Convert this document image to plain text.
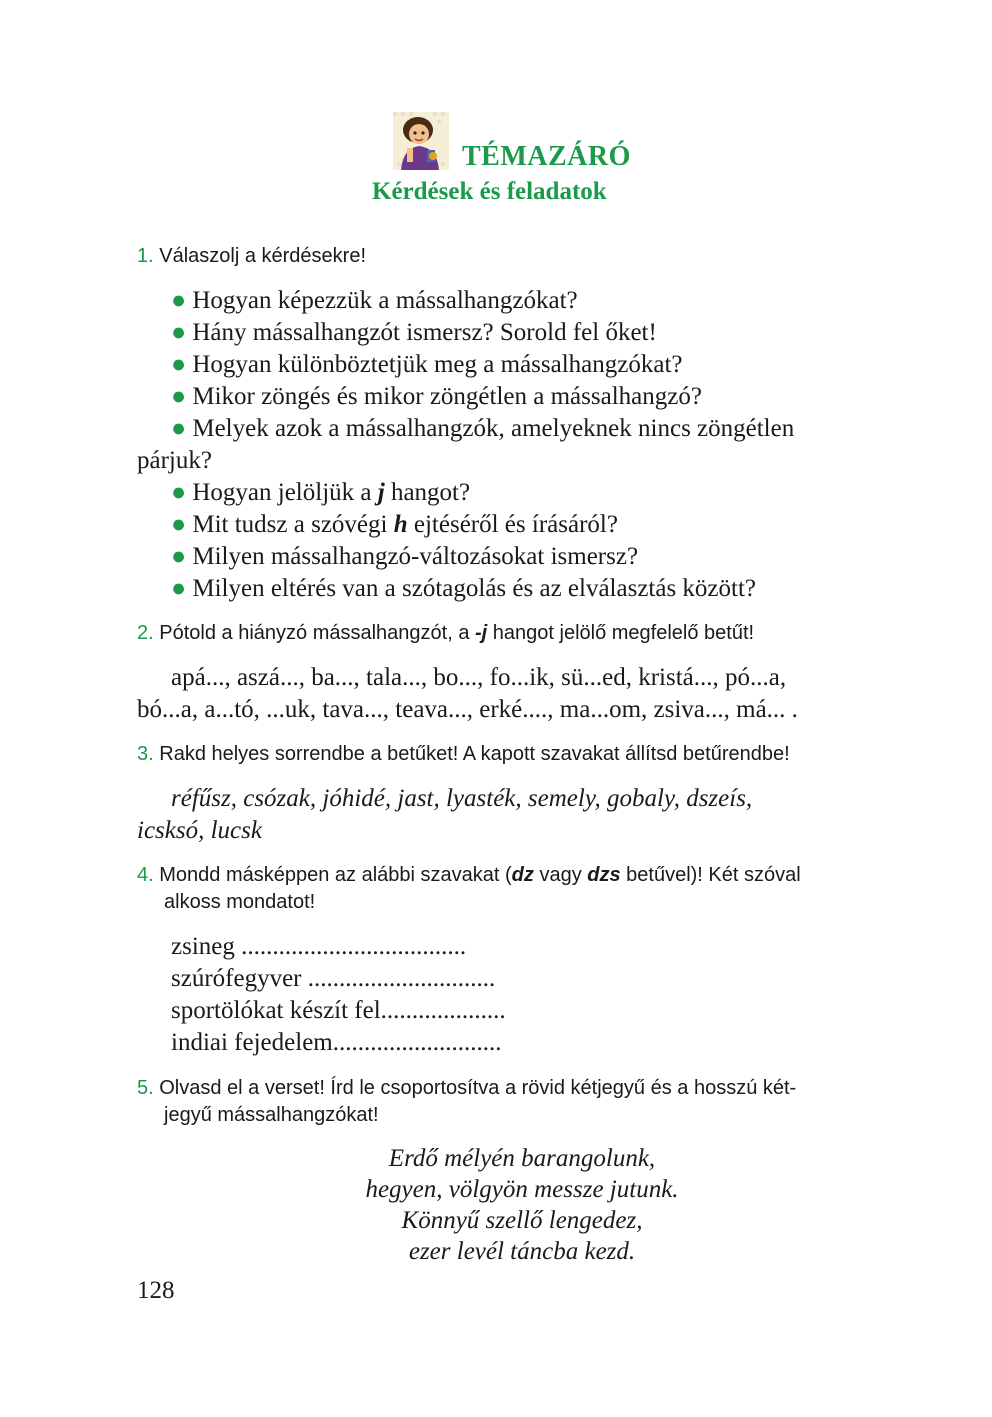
TÉMAZÁRÓ
Kérdések és feladatok
1. Válaszolj a kérdésekre!
● Hogyan képezzük a mássalhangzókat?
● Hány mássalhangzót ismersz? Sorold fel őket!
● Hogyan különböztetjük meg a mássalhangzókat?
● Mikor zöngés és mikor zöngétlen a mássalhangzó?
● Melyek azok a mássalhangzók, amelyeknek nincs zöngétlen
párjuk?
● Hogyan jelöljük a j hangot?
● Mit tudsz a szóvégi h ejtéséről és írásáról?
● Milyen mássalhangzó-változásokat ismersz?
● Milyen eltérés van a szótagolás és az elválasztás között?
2. Pótold a hiányzó mássalhangzót, a -j hangot jelölő megfelelő betűt!
apá..., aszá..., ba..., tala..., bo..., fo...ik, sü...ed, kristá..., pó...a,
bó...a, a...tó, ...uk, tava..., teava..., erké...., ma...om, zsiva..., má... .
3. Rakd helyes sorrendbe a betűket! A kapott szavakat állítsd betűrendbe!
réfűsz, csózak, jóhidé, jast, lyasték, semely, gobaly, dszeís,
icsksó, lucsk
4. Mondd másképpen az alábbi szavakat (dz vagy dzs betűvel)! Két szóval
alkoss mondatot!
zsineg ....................................
szúrófegyver ..............................
sportölókat készít fel....................
indiai fejedelem...........................
5. Olvasd el a verset! Írd le csoportosítva a rövid kétjegyű és a hosszú két-
jegyű mássalhangzókat!
Erdő mélyén barangolunk,
hegyen, völgyön messze jutunk.
Könnyű szellő lengedez,
ezer levél táncba kezd.
128
